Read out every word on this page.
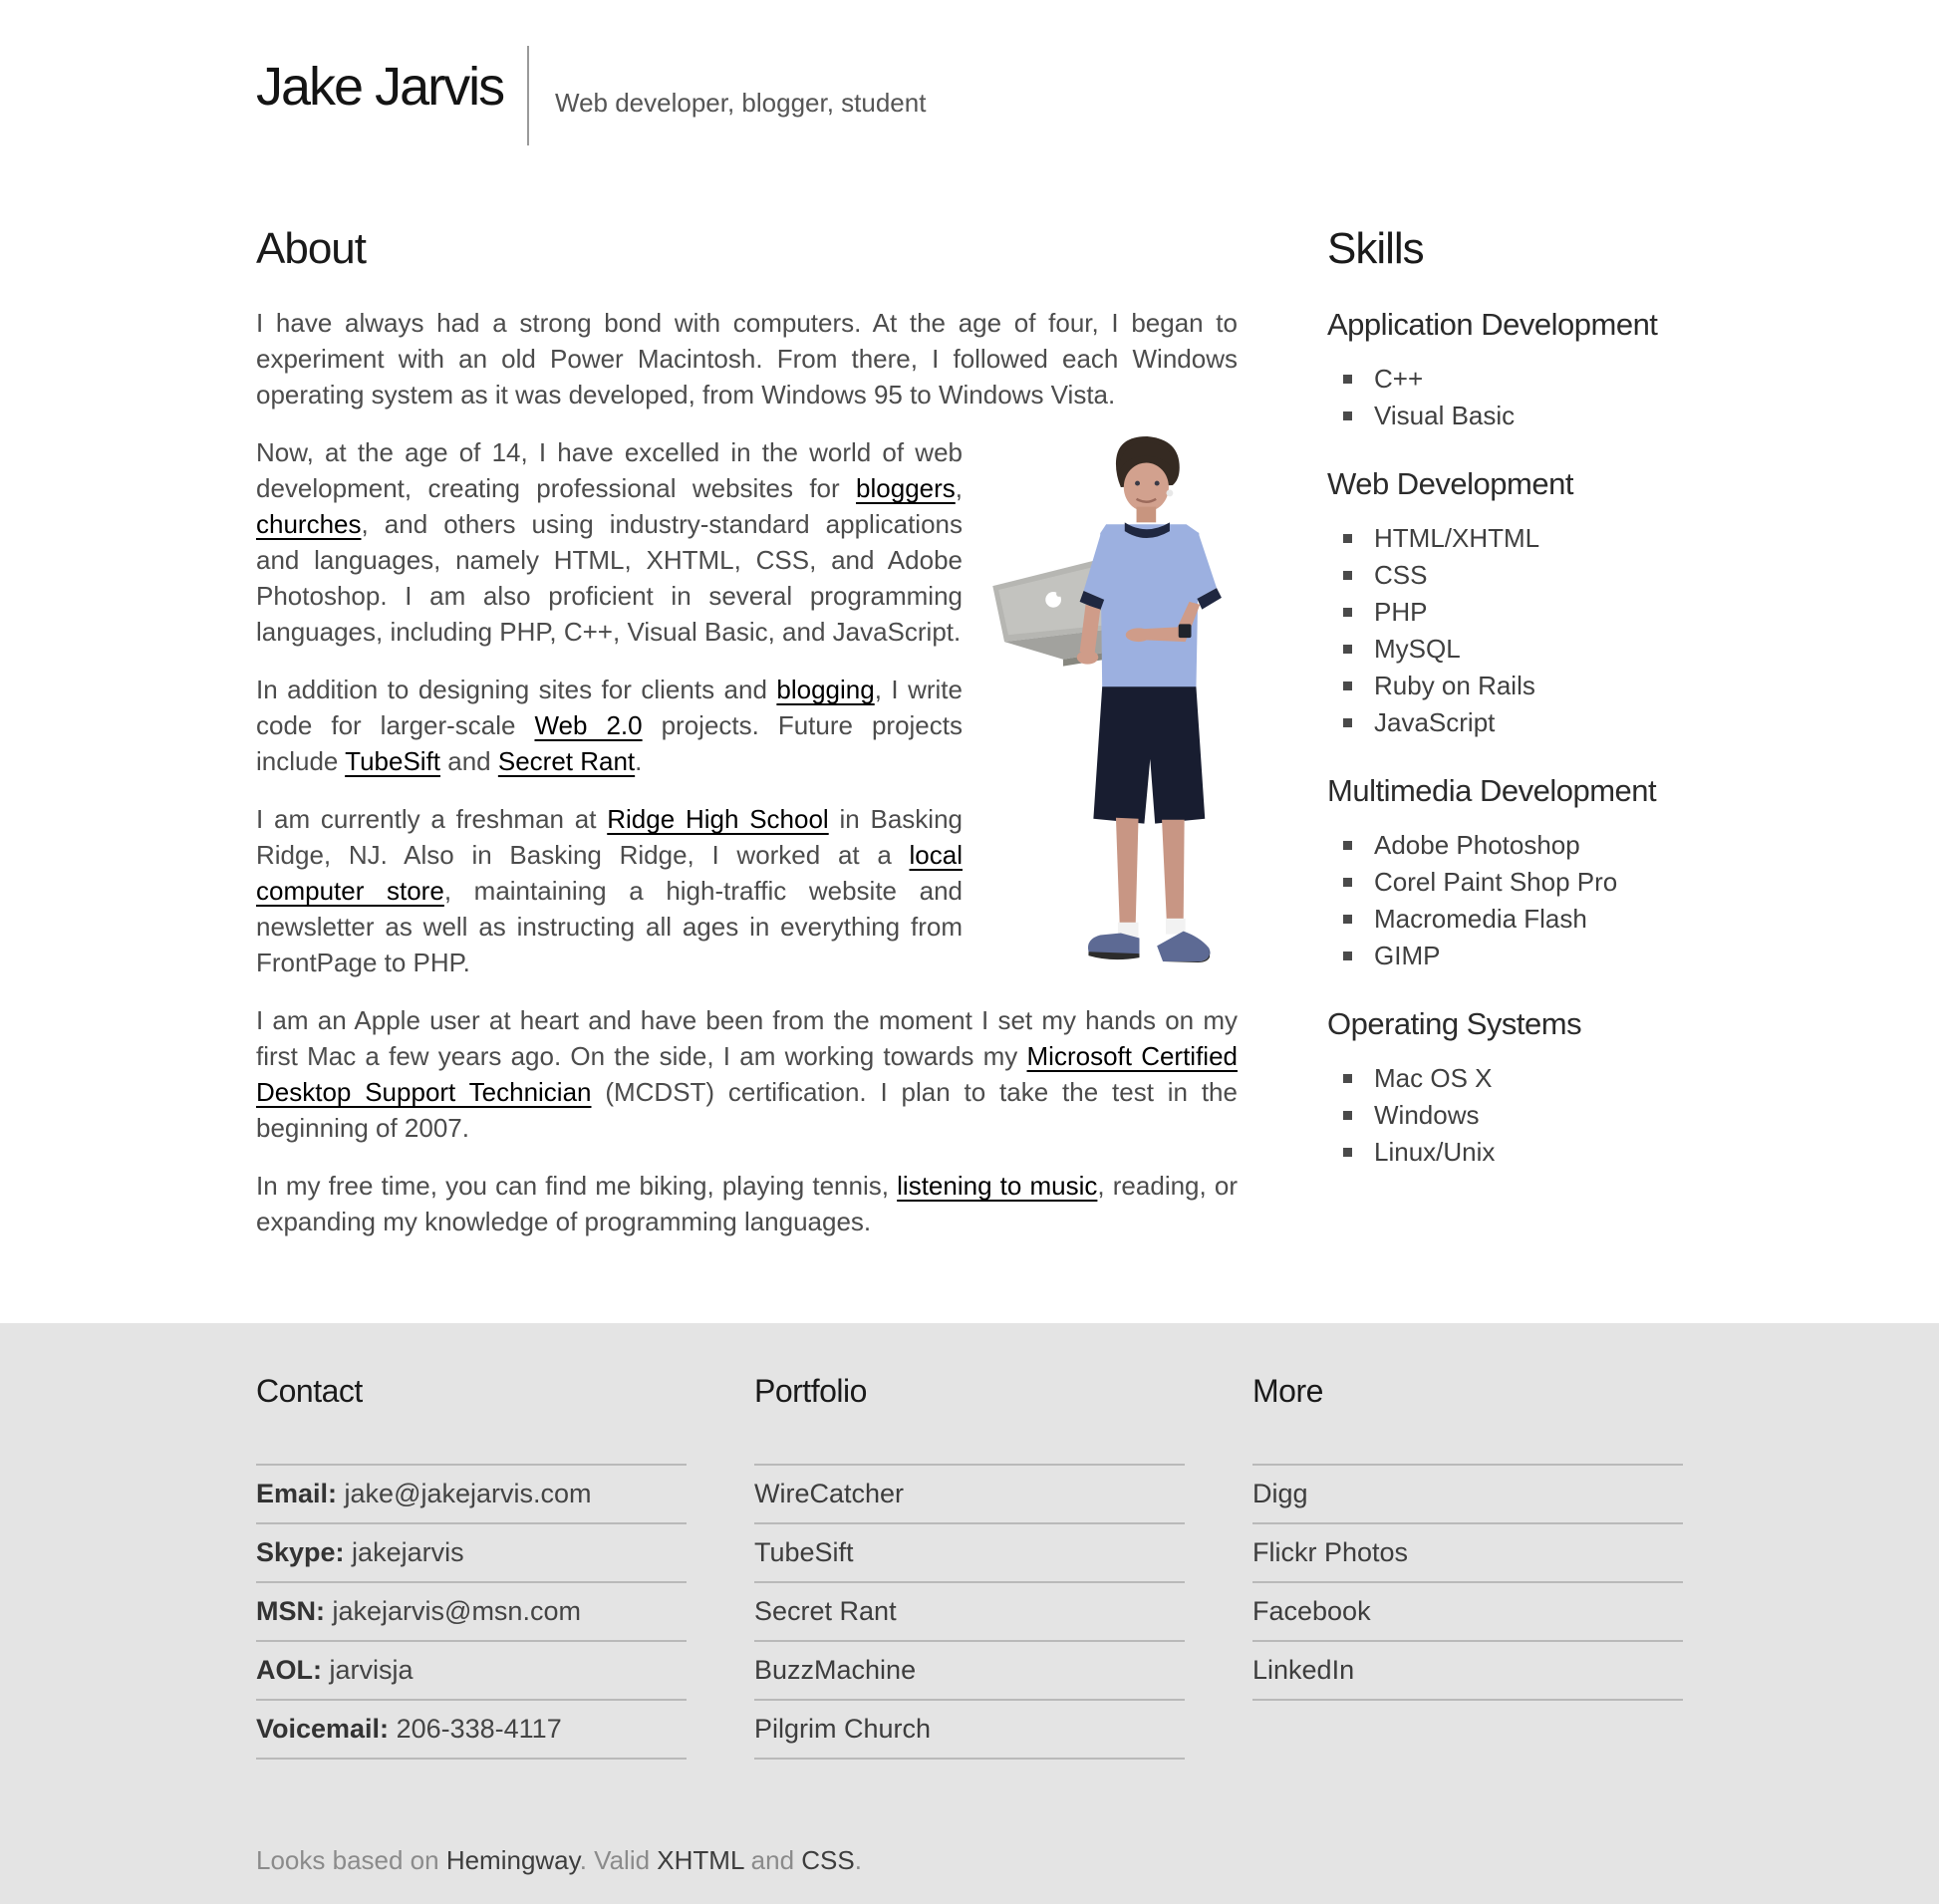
Jake Jarvis Web developer, blogger, student
About

I have always had a strong bond with computers. At the age of four, I began to experiment with an old Power Macintosh. From there, I followed each Windows operating system as it was developed, from Windows 95 to Windows Vista.

Now, at the age of 14, I have excelled in the world of web development, creating professional websites for bloggers, churches, and others using industry-standard applications and languages, namely HTML, XHTML, CSS, and Adobe Photoshop. I am also proficient in several programming languages, including PHP, C++, Visual Basic, and JavaScript.

In addition to designing sites for clients and blogging, I write code for larger-scale Web 2.0 projects. Future projects include TubeSift and Secret Rant.

I am currently a freshman at Ridge High School in Basking Ridge, NJ. Also in Basking Ridge, I worked at a local computer store, maintaining a high-traffic website and newsletter as well as instructing all ages in everything from FrontPage to PHP.

I am an Apple user at heart and have been from the moment I set my hands on my first Mac a few years ago. On the side, I am working towards my Microsoft Certified Desktop Support Technician (MCDST) certification. I plan to take the test in the beginning of 2007.

In my free time, you can find me biking, playing tennis, listening to music, reading, or expanding my knowledge of programming languages.

Skills
Application Development
C++
Visual Basic
Web Development
HTML/XHTML
CSS
PHP
MySQL
Ruby on Rails
JavaScript
Multimedia Development
Adobe Photoshop
Corel Paint Shop Pro
Macromedia Flash
GIMP
Operating Systems
Mac OS X
Windows
Linux/Unix
Contact
Email: jake@jakejarvis.com
Skype: jakejarvis
MSN: jakejarvis@msn.com
AOL: jarvisja
Voicemail: 206-338-4117
Portfolio
WireCatcher
TubeSift
Secret Rant
BuzzMachine
Pilgrim Church
More
Digg
Flickr Photos
Facebook
LinkedIn
Looks based on Hemingway. Valid XHTML and CSS.
